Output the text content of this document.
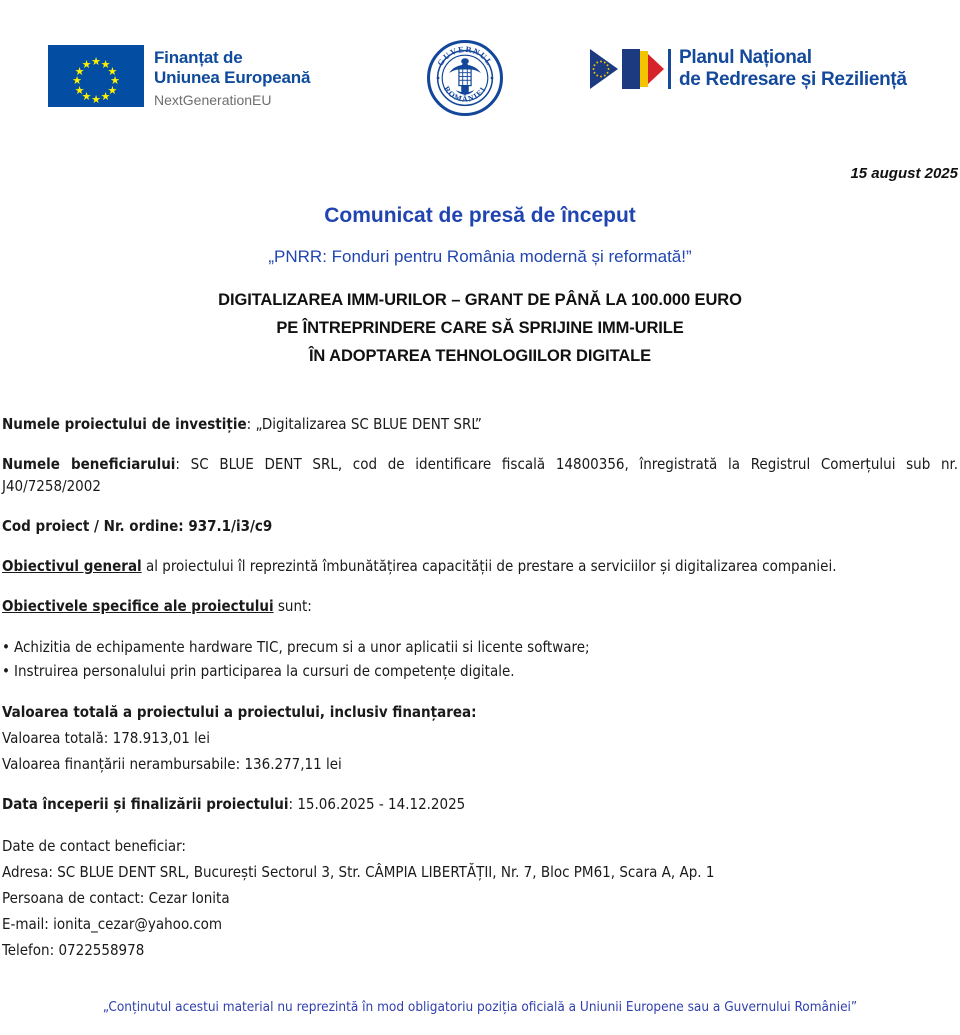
★ ★
★
★
★
★
★
★
★
★
★
★	Finanțat de
Uniunea Europeană
NextGenerationEU
GUVERNUL
ROMÂNIEI
Planul Național
de Redresare și Reziliență
15 august 2025
Comunicat de presă de început
„PNRR: Fonduri pentru România modernă și reformată!”
DIGITALIZAREA IMM-URILOR – GRANT DE PÂNĂ LA 100.000 EURO
PE ÎNTREPRINDERE CARE SĂ SPRIJINE IMM-URILE
ÎN ADOPTAREA TEHNOLOGIILOR DIGITALE

Numele proiectului de investiție: „Digitalizarea SC BLUE DENT SRL”

Numele beneficiarului: SC BLUE DENT SRL, cod de identificare fiscală 14800356, înregistrată la Registrul Comerțului sub nr. J40/7258/2002

Cod proiect / Nr. ordine: 937.1/i3/c9

Obiectivul general al proiectului îl reprezintă îmbunătățirea capacității de prestare a serviciilor și digitalizarea companiei.

Obiectivele specifice ale proiectului sunt:

• Achizitia de echipamente hardware TIC, precum si a unor aplicatii si licente software;
• Instruirea personalului prin participarea la cursuri de competențe digitale.

Valoarea totală a proiectului a proiectului, inclusiv finanțarea:

Valoarea totală: 178.913,01 lei

Valoarea finanțării nerambursabile: 136.277,11 lei

Data începerii și finalizării proiectului: 15.06.2025 - 14.12.2025

Date de contact beneficiar:
Adresa: SC BLUE DENT SRL, București Sectorul 3, Str. CÂMPIA LIBERTĂȚII, Nr. 7, Bloc PM61, Scara A, Ap. 1
Persoana de contact: Cezar Ionita
E-mail: ionita_cezar@yahoo.com
Telefon: 0722558978
„Conținutul acestui material nu reprezintă în mod obligatoriu poziția oficială a Uniunii Europene sau a Guvernului României”
